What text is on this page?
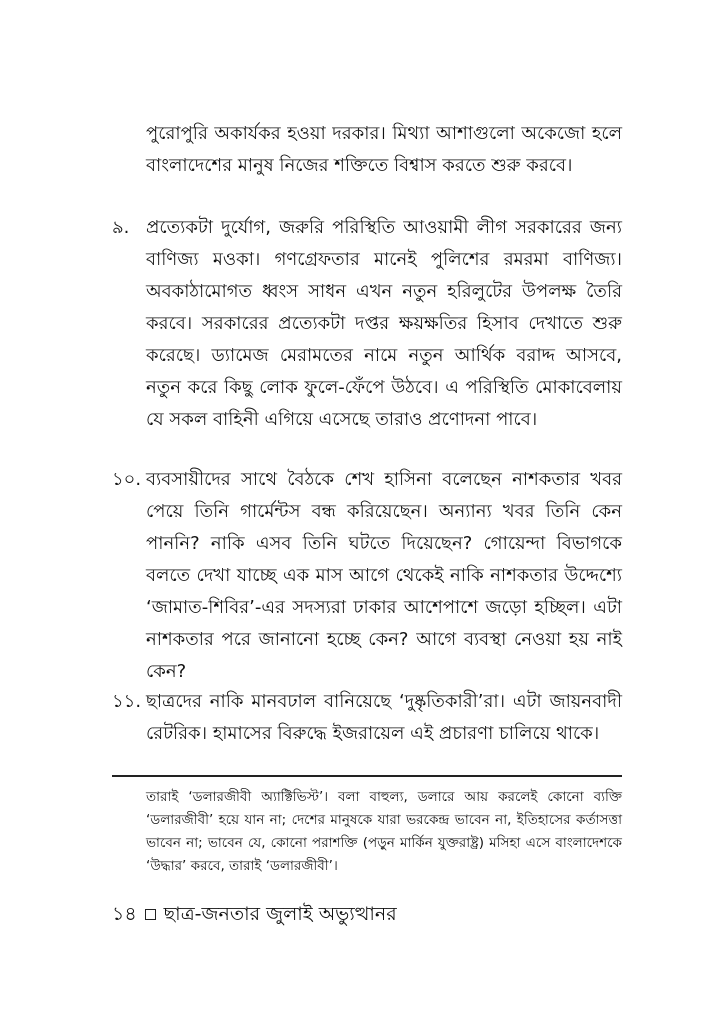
পুরোপুরি অকার্যকর হওয়া দরকার। মিথ্যা আশাগুলো অকেজো হলে বাংলাদেশের মানুষ নিজের শক্তিতে বিশ্বাস করতে শুরু করবে।

৯. প্রত্যেকটা দুর্যোগ, জরুরি পরিস্থিতি আওয়ামী লীগ সরকারের জন্য বাণিজ্য মওকা। গণগ্রেফতার মানেই পুলিশের রমরমা বাণিজ্য। অবকাঠামোগত ধ্বংস সাধন এখন নতুন হরিলুটের উপলক্ষ তৈরি করবে। সরকারের প্রত্যেকটা দপ্তর ক্ষয়ক্ষতির হিসাব দেখাতে শুরু করেছে। ড্যামেজ মেরামতের নামে নতুন আর্থিক বরাদ্দ আসবে, নতুন করে কিছু লোক ফুলে-ফেঁপে উঠবে। এ পরিস্থিতি মোকাবেলায় যে সকল বাহিনী এগিয়ে এসেছে তারাও প্রণোদনা পাবে।

১০. ব্যবসায়ীদের সাথে বৈঠকে শেখ হাসিনা বলেছেন নাশকতার খবর পেয়ে তিনি গার্মেন্টস বন্ধ করিয়েছেন। অন্যান্য খবর তিনি কেন পাননি? নাকি এসব তিনি ঘটতে দিয়েছেন? গোয়েন্দা বিভাগকে বলতে দেখা যাচ্ছে এক মাস আগে থেকেই নাকি নাশকতার উদ্দেশ্যে ‘জামাত-শিবির’-এর সদস্যরা ঢাকার আশেপাশে জড়ো হচ্ছিল। এটা নাশকতার পরে জানানো হচ্ছে কেন? আগে ব্যবস্থা নেওয়া হয় নাই কেন?

১১. ছাত্রদের নাকি মানবঢাল বানিয়েছে ‘দুষ্কৃতিকারী’রা। এটা জায়নবাদী রেটরিক। হামাসের বিরুদ্ধে ইজরায়েল এই প্রচারণা চালিয়ে থাকে।

তারাই ‘ডলারজীবী অ্যাক্টিভিস্ট’। বলা বাহুল্য, ডলারে আয় করলেই কোনো ব্যক্তি ‘ডলারজীবী’ হয়ে যান না; দেশের মানুষকে যারা ভরকেন্দ্র ভাবেন না, ইতিহাসের কর্তাসত্তা ভাবেন না; ভাবেন যে, কোনো পরাশক্তি (পড়ুন মার্কিন যুক্তরাষ্ট্র) মসিহা এসে বাংলাদেশকে ‘উদ্ধার’ করবে, তারাই ‘ডলারজীবী’।

১৪ ছাত্র-জনতার জুলাই অভ্যুত্থানর
